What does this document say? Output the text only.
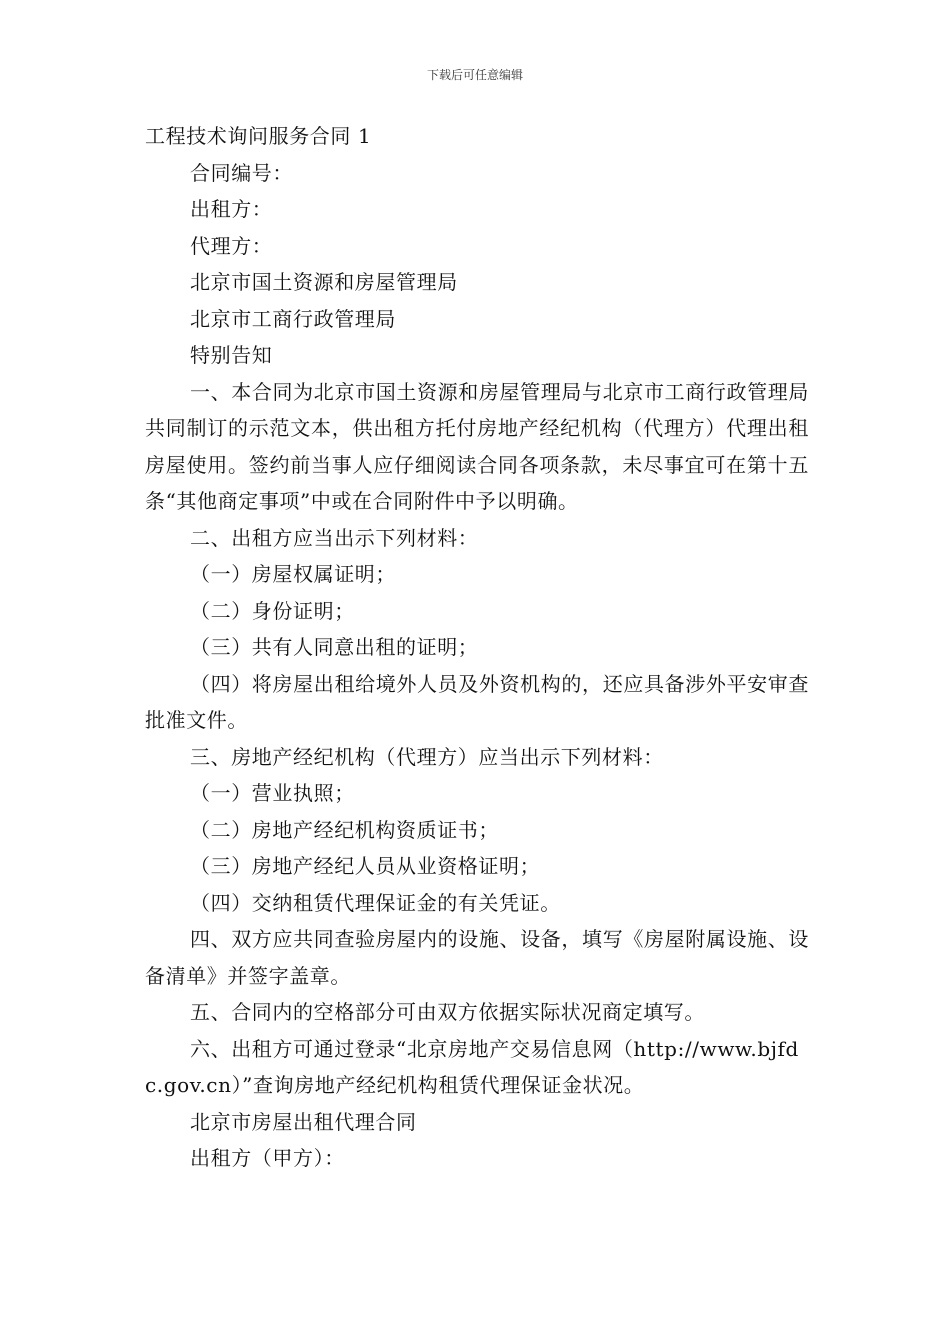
下载后可任意编辑

工程技术询问服务合同 1

合同编号：

出租方：

代理方：

北京市国土资源和房屋管理局

北京市工商行政管理局

特别告知

一、本合同为北京市国土资源和房屋管理局与北京市工商行政管理局共同制订的示范文本，供出租方托付房地产经纪机构（代理方）代理出租房屋使用。签约前当事人应仔细阅读合同各项条款，未尽事宜可在第十五条“其他商定事项”中或在合同附件中予以明确。

二、出租方应当出示下列材料：

（一）房屋权属证明；

（二）身份证明；

（三）共有人同意出租的证明；

（四）将房屋出租给境外人员及外资机构的，还应具备涉外平安审查批准文件。

三、房地产经纪机构（代理方）应当出示下列材料：

（一）营业执照；

（二）房地产经纪机构资质证书；

（三）房地产经纪人员从业资格证明；

（四）交纳租赁代理保证金的有关凭证。

四、双方应共同查验房屋内的设施、设备，填写《房屋附属设施、设备清单》并签字盖章。

五、合同内的空格部分可由双方依据实际状况商定填写。

六、出租方可通过登录“北京房地产交易信息网（http://www.bjfdc.gov.cn）”查询房地产经纪机构租赁代理保证金状况。

北京市房屋出租代理合同

出租方（甲方）：
